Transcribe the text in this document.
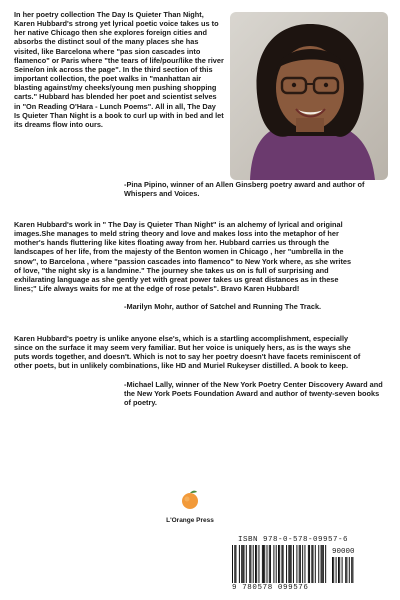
In her poetry collection The Day Is Quieter Than Night, Karen Hubbard's strong yet lyrical poetic voice takes us to her native Chicago then she explores foreign cities and absorbs the distinct soul of the many places she has visited, like Barcelona where "pas sion cascades into flamenco" or Paris where "the tears of life/pour/like the river Seine/on ink across the page". In the third section of this important collection, the poet walks in "manhattan air blasting against/my cheeks/young men pushing shopping carts." Hubbard has blended her poet and scientist selves in "On Reading O'Hara - Lunch Poems". All in all, The Day Is Quieter Than Night is a book to curl up with in bed and let its dreams flow into ours.

-Pina Pipino, winner of an Allen Ginsberg poetry award and author of Whispers and Voices.

Karen Hubbard's work in " The Day is Quieter Than Night" is an alchemy of lyrical and original images.She manages to meld string theory and love and makes loss into the metaphor of her mother's hands fluttering like kites floating away from her. Hubbard carries us through the landscapes of her life, from the majesty of the Benton women in Chicago , her "umbrella in the snow", to Barcelona , where "passion cascades into flamenco" to New York where, as she writes of love, "the night sky is a landmine." The journey she takes us on is full of surprising and exhilarating language as she gently yet with great power takes us great distances as in these lines;" Life always waits for me at the edge of rose petals". Bravo Karen Hubbard!

-Marilyn Mohr, author of Satchel and Running The Track.

Karen Hubbard's poetry is unlike anyone else's, which is a startling accomplishment, especially since on the surface it may seem very familiar. But her voice is uniquely hers, as is the ways she puts words together, and doesn't. Which is not to say her poetry doesn't have facets reminiscent of other poets, but in unlikely combinations, like HD and Muriel Rukeyser distilled. A book to keep.

-Michael Lally, winner of the New York Poetry Center Discovery Award and the New York Poets Foundation Award and author of twenty-seven books of poetry.

L'Orange Press
ISBN 978-0-578-09957-6
90000
9 780578 099576
